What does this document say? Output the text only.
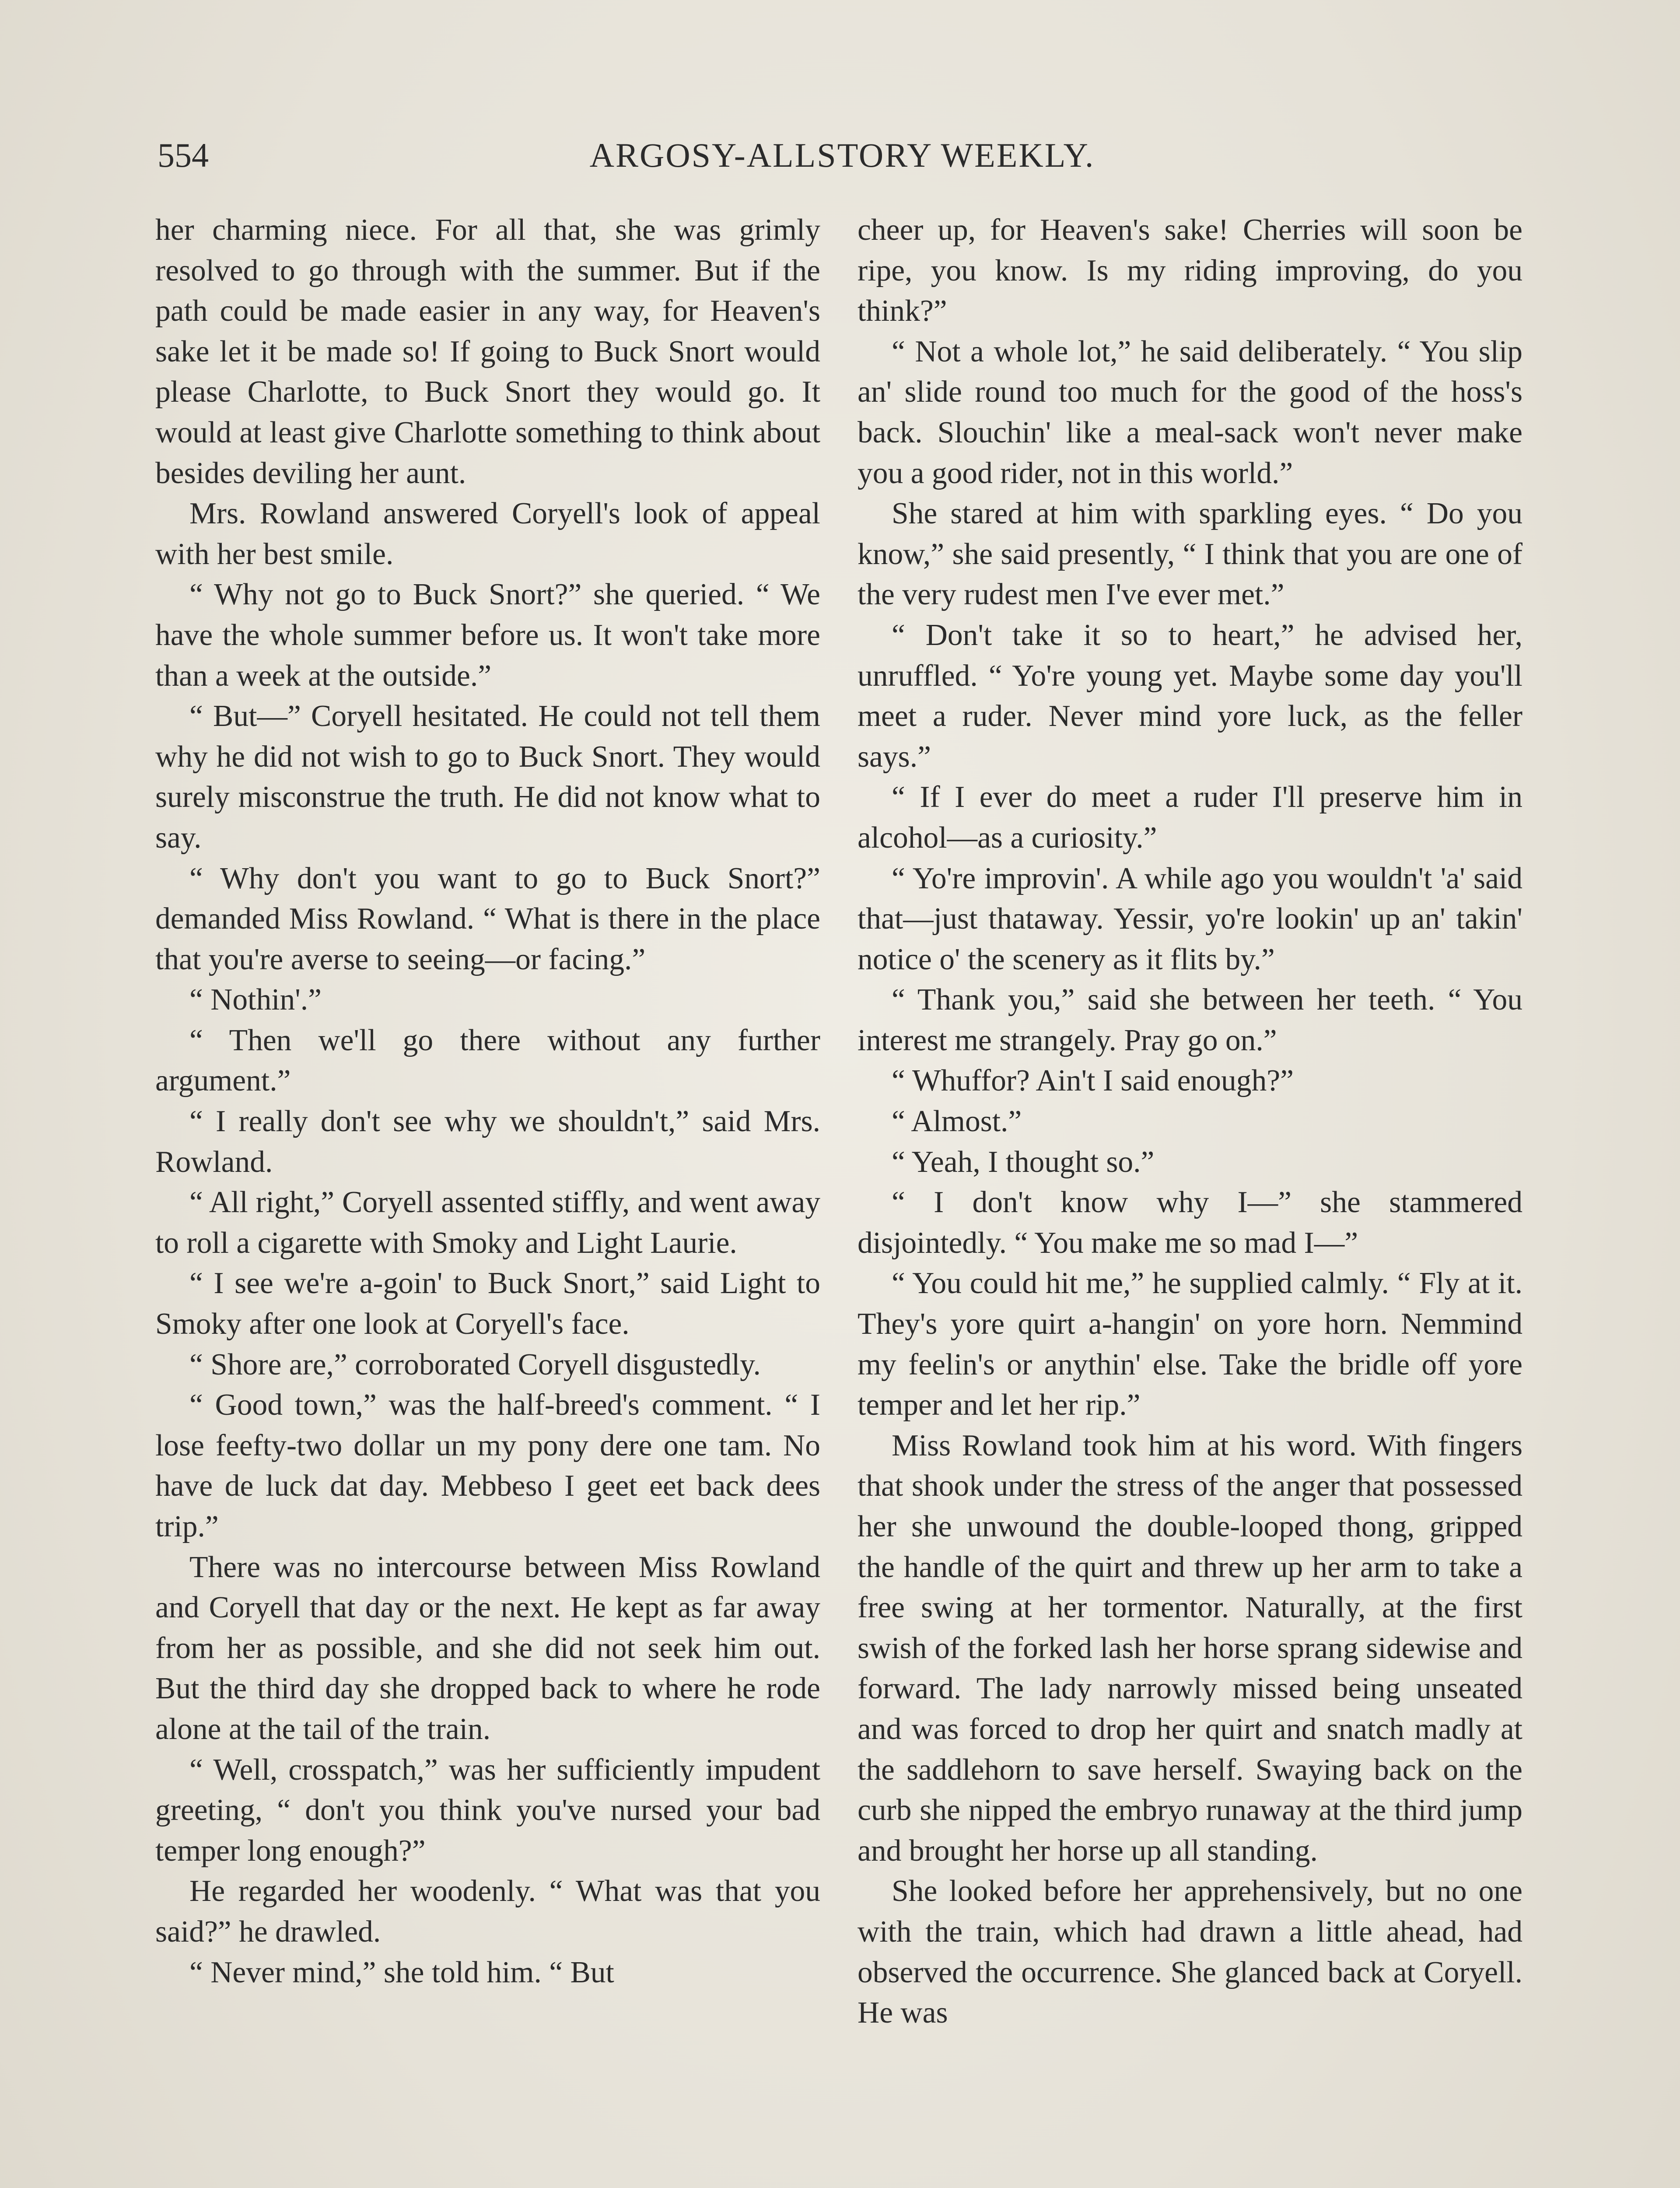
554	ARGOSY-ALLSTORY WEEKLY.

her charming niece. For all that, she was grimly resolved to go through with the summer. But if the path could be made easier in any way, for Heaven's sake let it be made so! If going to Buck Snort would please Charlotte, to Buck Snort they would go. It would at least give Charlotte something to think about besides deviling her aunt.

Mrs. Rowland answered Coryell's look of appeal with her best smile.

“ Why not go to Buck Snort?” she queried. “ We have the whole summer before us. It won't take more than a week at the outside.”

“ But—” Coryell hesitated. He could not tell them why he did not wish to go to Buck Snort. They would surely misconstrue the truth. He did not know what to say.

“ Why don't you want to go to Buck Snort?” demanded Miss Rowland. “ What is there in the place that you're averse to seeing—or facing.”

“ Nothin'.”

“ Then we'll go there without any further argument.”

“ I really don't see why we shouldn't,” said Mrs. Rowland.

“ All right,” Coryell assented stiffly, and went away to roll a cigarette with Smoky and Light Laurie.

“ I see we're a-goin' to Buck Snort,” said Light to Smoky after one look at Coryell's face.

“ Shore are,” corroborated Coryell disgustedly.

“ Good town,” was the half-breed's comment. “ I lose feefty-two dollar un my pony dere one tam. No have de luck dat day. Mebbeso I geet eet back dees trip.”

There was no intercourse between Miss Rowland and Coryell that day or the next. He kept as far away from her as possible, and she did not seek him out. But the third day she dropped back to where he rode alone at the tail of the train.

“ Well, crosspatch,” was her sufficiently impudent greeting, “ don't you think you've nursed your bad temper long enough?”

He regarded her woodenly. “ What was that you said?” he drawled.

“ Never mind,” she told him. “ But

cheer up, for Heaven's sake! Cherries will soon be ripe, you know. Is my riding improving, do you think?”

“ Not a whole lot,” he said deliberately. “ You slip an' slide round too much for the good of the hoss's back. Slouchin' like a meal-sack won't never make you a good rider, not in this world.”

She stared at him with sparkling eyes. “ Do you know,” she said presently, “ I think that you are one of the very rudest men I've ever met.”

“ Don't take it so to heart,” he advised her, unruffled. “ Yo're young yet. Maybe some day you'll meet a ruder. Never mind yore luck, as the feller says.”

“ If I ever do meet a ruder I'll preserve him in alcohol—as a curiosity.”

“ Yo're improvin'. A while ago you wouldn't 'a' said that—just thataway. Yessir, yo're lookin' up an' takin' notice o' the scenery as it flits by.”

“ Thank you,” said she between her teeth. “ You interest me strangely. Pray go on.”

“ Whuffor? Ain't I said enough?”

“ Almost.”

“ Yeah, I thought so.”

“ I don't know why I—” she stammered disjointedly. “ You make me so mad I—”

“ You could hit me,” he supplied calmly. “ Fly at it. They's yore quirt a-hangin' on yore horn. Nemmind my feelin's or anythin' else. Take the bridle off yore temper and let her rip.”

Miss Rowland took him at his word. With fingers that shook under the stress of the anger that possessed her she unwound the double-looped thong, gripped the handle of the quirt and threw up her arm to take a free swing at her tormentor. Naturally, at the first swish of the forked lash her horse sprang sidewise and forward. The lady narrowly missed being unseated and was forced to drop her quirt and snatch madly at the saddlehorn to save herself. Swaying back on the curb she nipped the embryo runaway at the third jump and brought her horse up all standing.

She looked before her apprehensively, but no one with the train, which had drawn a little ahead, had observed the occurrence. She glanced back at Coryell. He was
